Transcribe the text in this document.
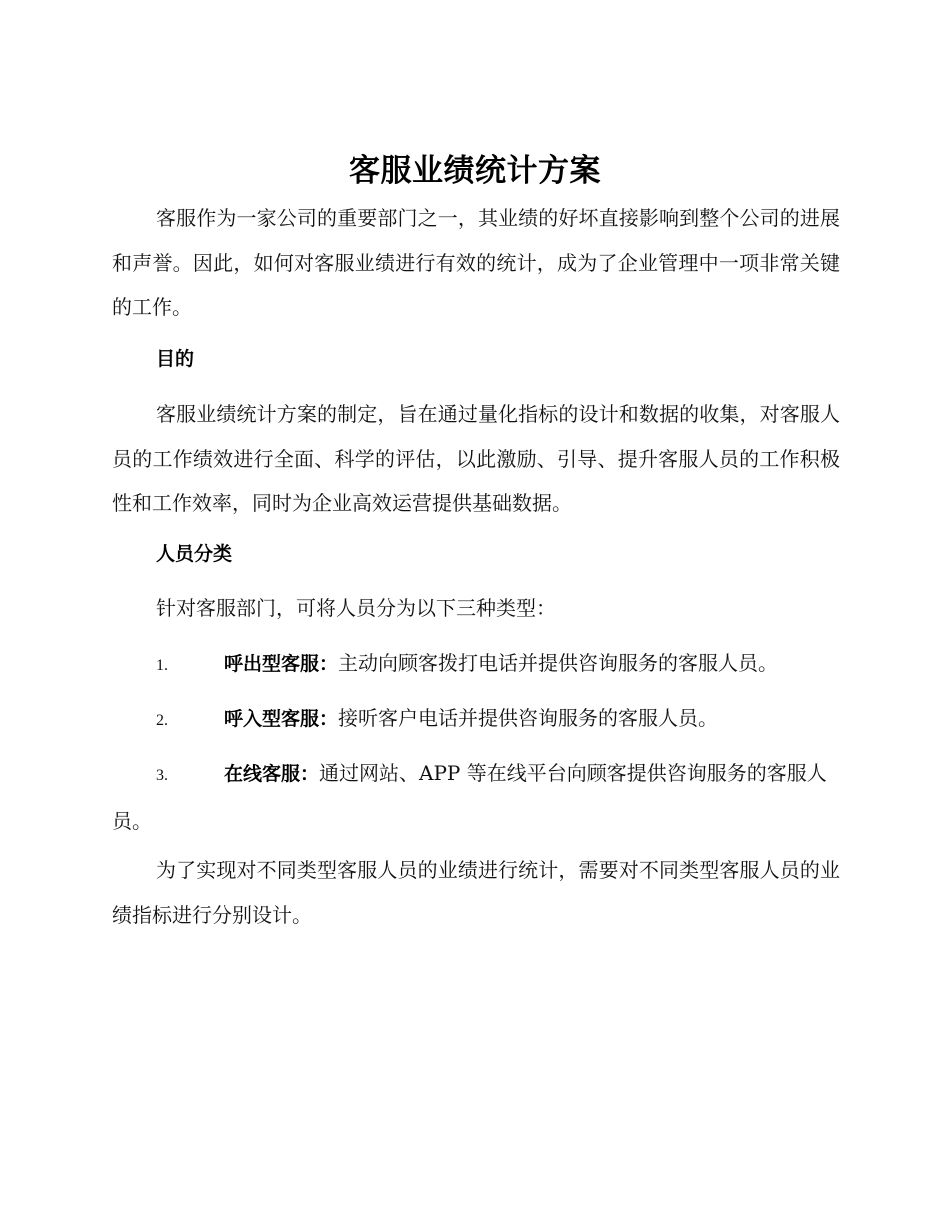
客服业绩统计方案

客服作为一家公司的重要部门之一，其业绩的好坏直接影响到整个公司的进展和声誉。因此，如何对客服业绩进行有效的统计，成为了企业管理中一项非常关键的工作。

目的

客服业绩统计方案的制定，旨在通过量化指标的设计和数据的收集，对客服人员的工作绩效进行全面、科学的评估，以此激励、引导、提升客服人员的工作积极性和工作效率，同时为企业高效运营提供基础数据。

人员分类

针对客服部门，可将人员分为以下三种类型：

1.	呼出型客服：主动向顾客拨打电话并提供咨询服务的客服人员。

2.	呼入型客服：接听客户电话并提供咨询服务的客服人员。

3.	在线客服：通过网站、APP 等在线平台向顾客提供咨询服务的客服人员。

为了实现对不同类型客服人员的业绩进行统计，需要对不同类型客服人员的业绩指标进行分别设计。
